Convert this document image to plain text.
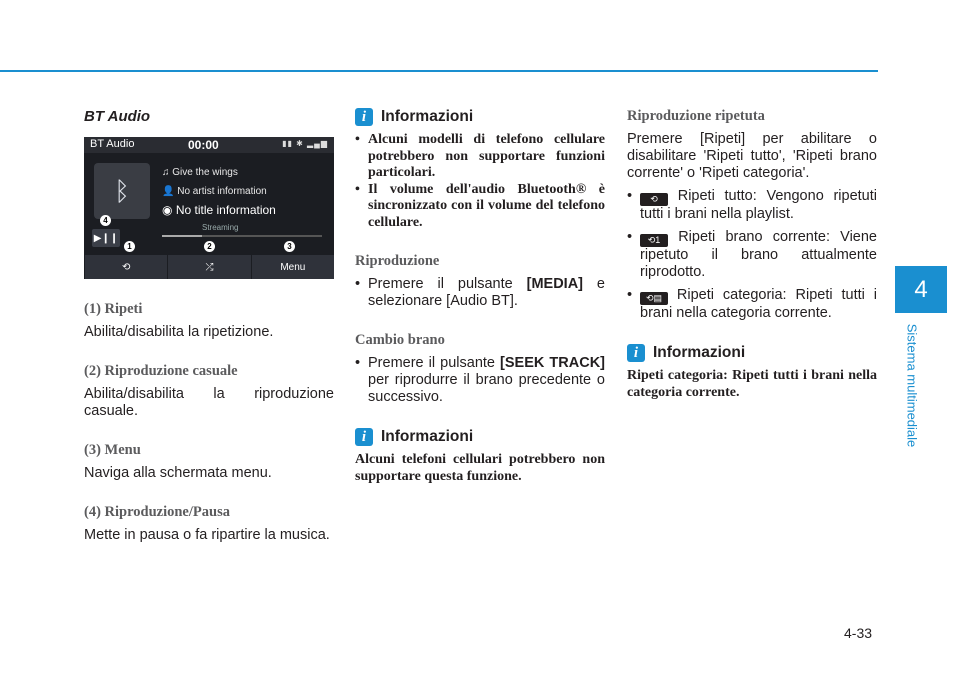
BT Audio
BT Audio	00:00	▮▮ ✱ ▂▄▆
ᛒ
♫ Give the wings
👤 No artist information
◉ No title information
Streaming
▶❙❙
⟲	⤮	Menu
1	2	3
4
(1) Ripeti

Abilita/disabilita la ripetizione.

(2) Riproduzione casuale

Abilita/disabilita la riproduzione casuale.

(3) Menu

Naviga alla schermata menu.

(4) Riproduzione/Pausa

Mette in pausa o fa ripartire la musica.

i Informazioni
• Alcuni modelli di telefono cellulare potrebbero non supportare funzioni particolari.
• Il volume dell'audio Bluetooth® è sincronizzato con il volume del telefono cellulare.
Riproduzione
• Premere il pulsante [MEDIA] e selezionare [Audio BT].
Cambio brano
• Premere il pulsante [SEEK TRACK] per riprodurre il brano precedente o successivo.
i Informazioni

Alcuni telefoni cellulari potrebbero non supportare questa funzione.

Riproduzione ripetuta

Premere [Ripeti] per abilitare o disabilitare 'Ripeti tutto', 'Ripeti brano corrente' o 'Ripeti categoria'.

• ⟲ Ripeti tutto: Vengono ripetuti tutti i brani nella playlist.
• ⟲1 Ripeti brano corrente: Viene ripetuto il brano attualmente riprodotto.
• ⟲▤ Ripeti categoria: Ripeti tutti i brani nella categoria corrente.
i Informazioni

Ripeti categoria: Ripeti tutti i brani nella categoria corrente.

4
Sistema multimediale
4-33
